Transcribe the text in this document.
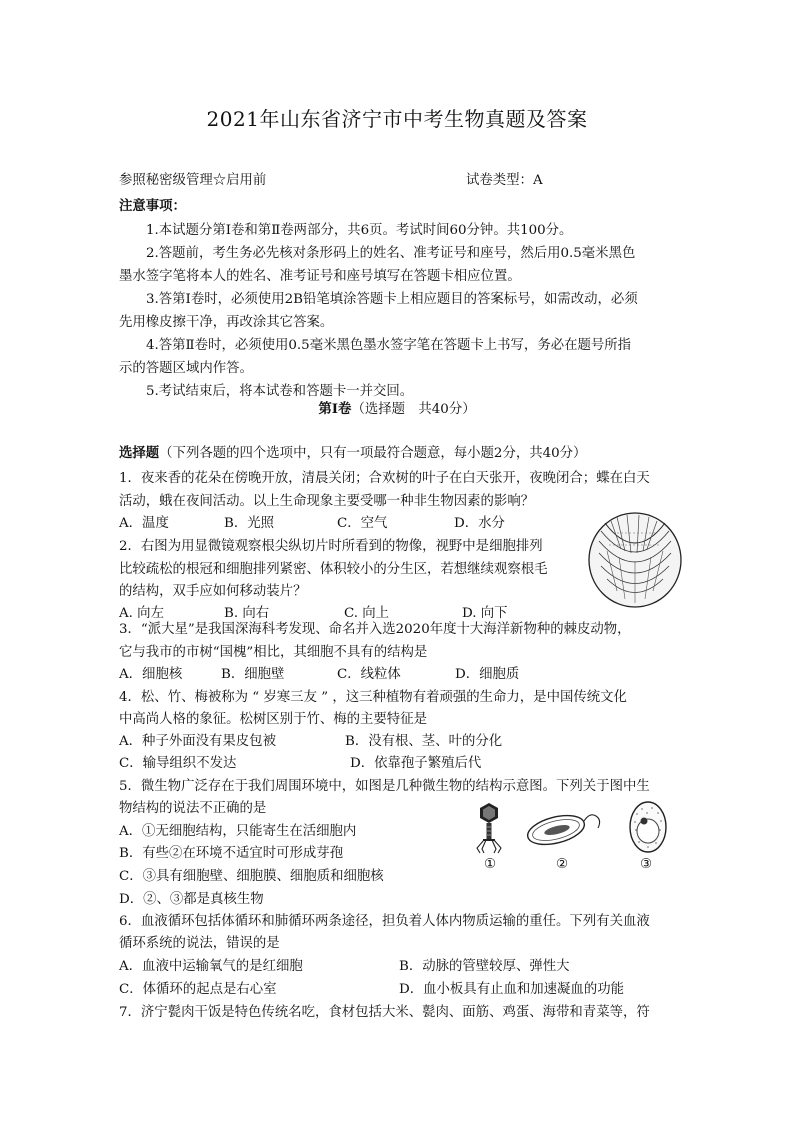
2021年山东省济宁市中考生物真题及答案
参照秘密级管理☆启用前	试卷类型：A
注意事项：
1.本试题分第Ⅰ卷和第Ⅱ卷两部分，共6页。考试时间60分钟。共100分。
2.答题前，考生务必先核对条形码上的姓名、准考证号和座号，然后用0.5毫米黑色
墨水签字笔将本人的姓名、准考证号和座号填写在答题卡相应位置。
3.答第Ⅰ卷时，必须使用2B铅笔填涂答题卡上相应题目的答案标号，如需改动，必须
先用橡皮擦干净，再改涂其它答案。
4.答第Ⅱ卷时，必须使用0.5毫米黑色墨水签字笔在答题卡上书写，务必在题号所指
示的答题区域内作答。
5.考试结束后，将本试卷和答题卡一并交回。
第Ⅰ卷（选择题　共40分）
选择题（下列各题的四个选项中，只有一项最符合题意，每小题2分，共40分）
1．夜来香的花朵在傍晚开放，清晨关闭；合欢树的叶子在白天张开，夜晚闭合；蝶在白天
活动，蛾在夜间活动。以上生命现象主要受哪一种非生物因素的影响？
A．温度	B．光照	C．空气	D．水分
2．右图为用显微镜观察根尖纵切片时所看到的物像，视野中是细胞排列
比较疏松的根冠和细胞排列紧密、体积较小的分生区，若想继续观察根毛
的结构，双手应如何移动装片？
A. 向左	B. 向右	C. 向上	D. 向下
3．“派大星”是我国深海科考发现、命名并入选2020年度十大海洋新物种的棘皮动物，
它与我市的市树“国槐”相比，其细胞不具有的结构是
A．细胞核	B．细胞壁	C．线粒体	D．细胞质
4．松、竹、梅被称为 “ 岁寒三友 ” ，这三种植物有着顽强的生命力，是中国传统文化
中高尚人格的象征。松树区别于竹、梅的主要特征是
A．种子外面没有果皮包被	B．没有根、茎、叶的分化
C．输导组织不发达	D．依靠孢子繁殖后代
5．微生物广泛存在于我们周围环境中，如图是几种微生物的结构示意图。下列关于图中生
物结构的说法不正确的是
A．①无细胞结构，只能寄生在活细胞内
B．有些②在环境不适宜时可形成芽孢
C．③具有细胞壁、细胞膜、细胞质和细胞核
D．②、③都是真核生物
①	②	③
6．血液循环包括体循环和肺循环两条途径，担负着人体内物质运输的重任。下列有关血液
循环系统的说法，错误的是
A．血液中运输氧气的是红细胞	B．动脉的管壁较厚、弹性大
C．体循环的起点是右心室	D．血小板具有止血和加速凝血的功能
7．济宁甏肉干饭是特色传统名吃，食材包括大米、甏肉、面筋、鸡蛋、海带和青菜等，符
